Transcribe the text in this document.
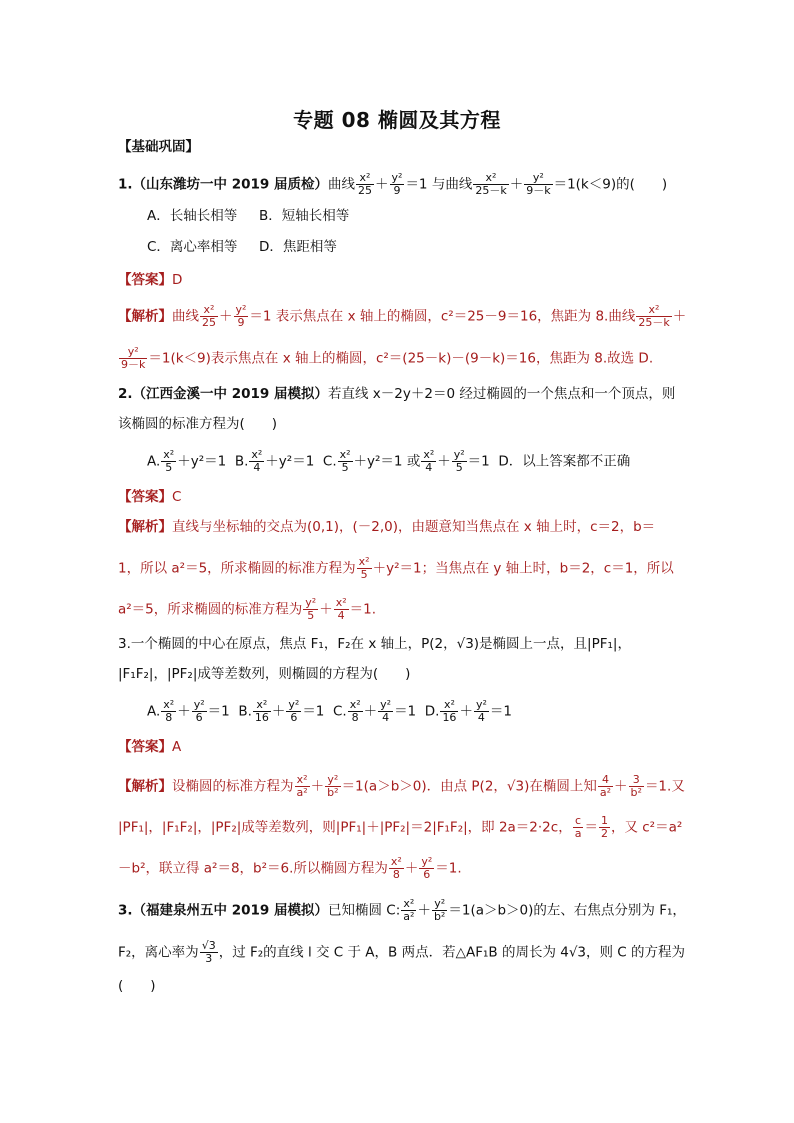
专题 08 椭圆及其方程
【基础巩固】
1.（山东潍坊一中 2019 届质检）曲线 $\frac{\text{x²}}{25} + \frac{\text{y²}}{9} =1$ 与曲线 $\frac{\text{x²}}{25-k} + \frac{\text{y²}}{9-k} =1(k<9)$的(　　)
A．长轴长相等 B．短轴长相等
C．离心率相等 D．焦距相等
【答案】D
【解析】曲线 $\frac{\text{x²}}{25} + \frac{\text{y²}}{9} =1$ 表示焦点在 x 轴上的椭圆，c²＝25－9＝16，焦距为 8.曲线 $\frac{\text{x²}}{25-k}$ ＋
$\frac{\text{y²}}{9-k} =1(k<9)$表示焦点在 x 轴上的椭圆，c²＝(25－k)－(9－k)＝16，焦距为 8.故选 D.
2.（江西金溪一中 2019 届模拟）若直线 x－2y＋2＝0 经过椭圆的一个焦点和一个顶点，则
该椭圆的标准方程为(　　)
A. $\frac{\text{x²}}{5} +y^2=1$ B. $\frac{\text{x²}}{4} +y^2=1$ C. $\frac{\text{x²}}{5} +y^2=1$ 或 $\frac{\text{x²}}{4} + \frac{\text{y²}}{5} =1$ D．以上答案都不正确
【答案】C
【解析】直线与坐标轴的交点为(0,1)，(－2,0)，由题意知当焦点在 x 轴上时，c＝2，b＝
1，所以 a²＝5，所求椭圆的标准方程为 $\frac{\text{x²}}{5} +y^2=1$；当焦点在 y 轴上时，b＝2，c＝1，所以
a²＝5，所求椭圆的标准方程为 $\frac{\text{y²}}{5} + \frac{\text{x²}}{4} =1$.
3.一个椭圆的中心在原点，焦点 F₁，F₂在 x 轴上，P(2，√3)是椭圆上一点，且|PF₁|，
|F₁F₂|，|PF₂|成等差数列，则椭圆的方程为(　　)
A. $\frac{\text{x²}}{8} + \frac{\text{y²}}{6} =1$ B. $\frac{\text{x²}}{16} + \frac{\text{y²}}{6} =1$ C. $\frac{\text{x²}}{8} + \frac{\text{y²}}{4} =1$ D. $\frac{\text{x²}}{16} + \frac{\text{y²}}{4} =1$
【答案】A
【解析】设椭圆的标准方程为 $\frac{\text{x²}}{\text{a²}} + \frac{\text{y²}}{\text{b²}} =1(a>b>0)$．由点 P(2，√3)在椭圆上知 $\frac{4}{\text{a²}} + \frac{3}{\text{b²}} =1$.又
|PF₁|，|F₁F₂|，|PF₂|成等差数列，则|PF₁|＋|PF₂|＝2|F₁F₂|，即 2a＝2·2c， $\frac{c}{a} = \frac{1}{2}$ ，又 c²＝a²
－b²，联立得 a²＝8，b²＝6.所以椭圆方程为 $\frac{\text{x²}}{8} + \frac{\text{y²}}{6} =1$.
3.（福建泉州五中 2019 届模拟）已知椭圆 C: $\frac{\text{x²}}{\text{a²}} + \frac{\text{y²}}{\text{b²}} =1(a>b>0)$的左、右焦点分别为 F₁，
F₂，离心率为 $\frac{√3}{3}$ ，过 F₂的直线 l 交 C 于 A，B 两点．若△AF₁B 的周长为 4√3，则 C 的方程为
(　　)
